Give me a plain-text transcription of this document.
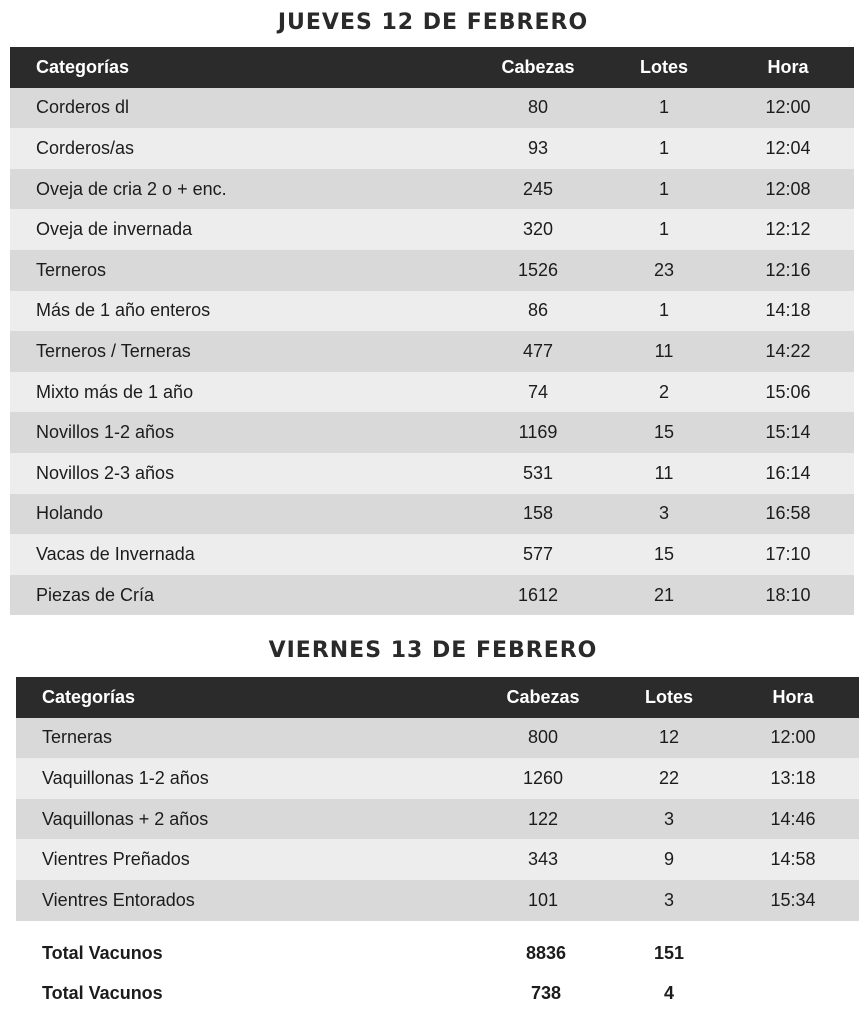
JUEVES 12 DE FEBRERO
Categorías	Cabezas	Lotes	Hora
Corderos dl	80	1	12:00
Corderos/as	93	1	12:04
Oveja de cria 2 o + enc.	245	1	12:08
Oveja de invernada	320	1	12:12
Terneros	1526	23	12:16
Más de 1 año enteros	86	1	14:18
Terneros / Terneras	477	11	14:22
Mixto más de 1 año	74	2	15:06
Novillos 1-2 años	1169	15	15:14
Novillos 2-3 años	531	11	16:14
Holando	158	3	16:58
Vacas de Invernada	577	15	17:10
Piezas de Cría	1612	21	18:10
VIERNES 13 DE FEBRERO
Categorías	Cabezas	Lotes	Hora
Terneras	800	12	12:00
Vaquillonas 1-2 años	1260	22	13:18
Vaquillonas + 2 años	122	3	14:46
Vientres Preñados	343	9	14:58
Vientres Entorados	101	3	15:34
Total Vacunos	8836	151
Total Vacunos	738	4
